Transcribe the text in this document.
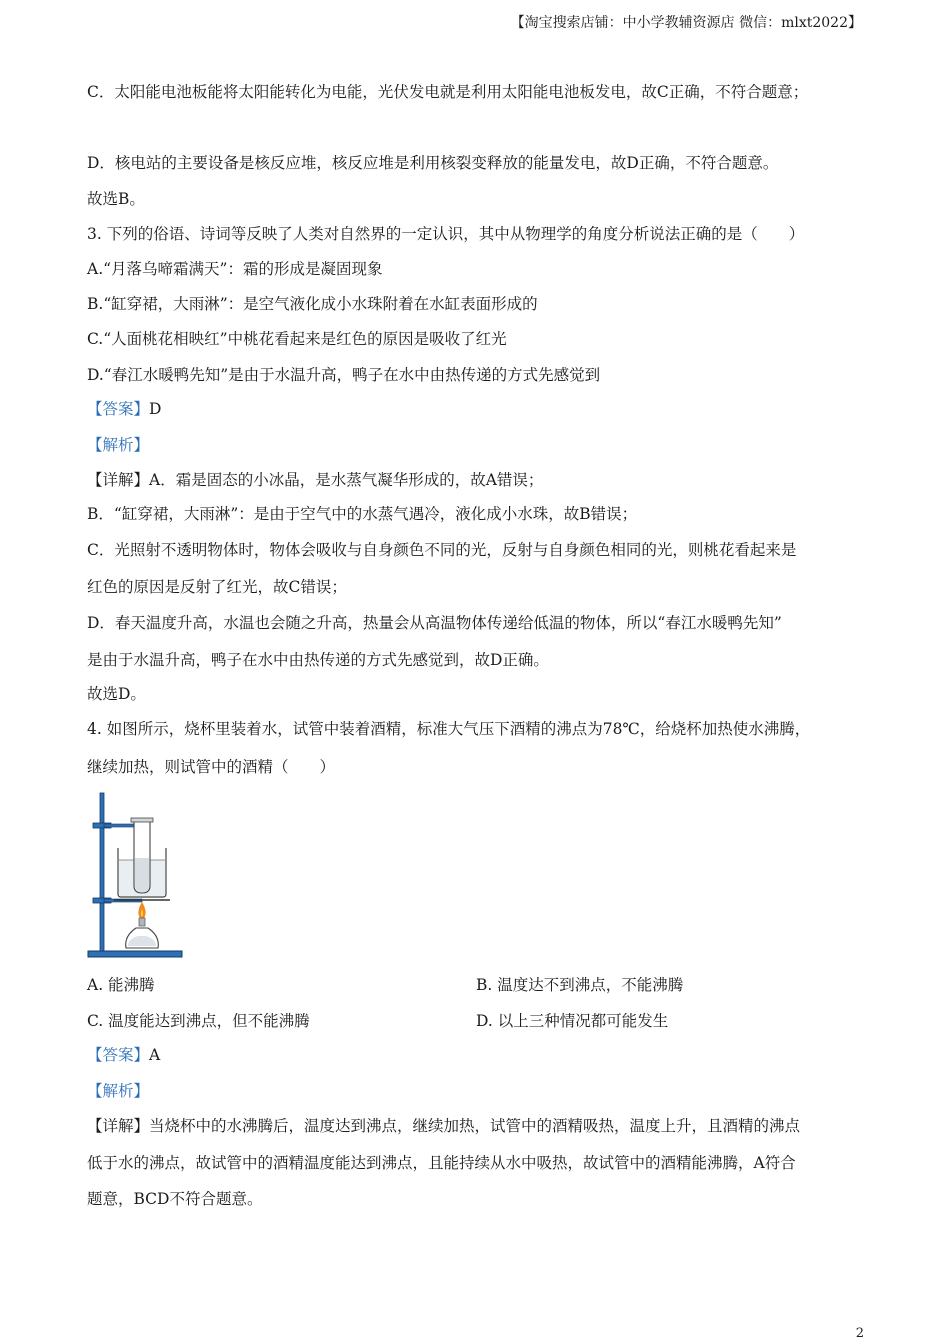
【淘宝搜索店铺：中小学教辅资源店 微信：mlxt2022】
C．太阳能电池板能将太阳能转化为电能，光伏发电就是利用太阳能电池板发电，故C正确，不符合题意；
D．核电站的主要设备是核反应堆，核反应堆是利用核裂变释放的能量发电，故D正确，不符合题意。
故选B。
3. 下列的俗语、诗词等反映了人类对自然界的一定认识，其中从物理学的角度分析说法正确的是（　　）
A.“月落乌啼霜满天”：霜的形成是凝固现象
B.“缸穿裙，大雨淋”：是空气液化成小水珠附着在水缸表面形成的
C.“人面桃花相映红”中桃花看起来是红色的原因是吸收了红光
D.“春江水暖鸭先知”是由于水温升高，鸭子在水中由热传递的方式先感觉到
【答案】D
【解析】
【详解】A．霜是固态的小冰晶，是水蒸气凝华形成的，故A错误；
B．“缸穿裙，大雨淋”：是由于空气中的水蒸气遇冷，液化成小水珠，故B错误；
C．光照射不透明物体时，物体会吸收与自身颜色不同的光，反射与自身颜色相同的光，则桃花看起来是
红色的原因是反射了红光，故C错误；
D．春天温度升高，水温也会随之升高，热量会从高温物体传递给低温的物体，所以“春江水暖鸭先知”
是由于水温升高，鸭子在水中由热传递的方式先感觉到，故D正确。
故选D。
4. 如图所示，烧杯里装着水，试管中装着酒精，标准大气压下酒精的沸点为78℃，给烧杯加热使水沸腾，
继续加热，则试管中的酒精（　　）
A. 能沸腾	B. 温度达不到沸点，不能沸腾
C. 温度能达到沸点，但不能沸腾	D. 以上三种情况都可能发生
【答案】A
【解析】
【详解】当烧杯中的水沸腾后，温度达到沸点，继续加热，试管中的酒精吸热，温度上升，且酒精的沸点
低于水的沸点，故试管中的酒精温度能达到沸点，且能持续从水中吸热，故试管中的酒精能沸腾，A符合
题意，BCD不符合题意。
2
